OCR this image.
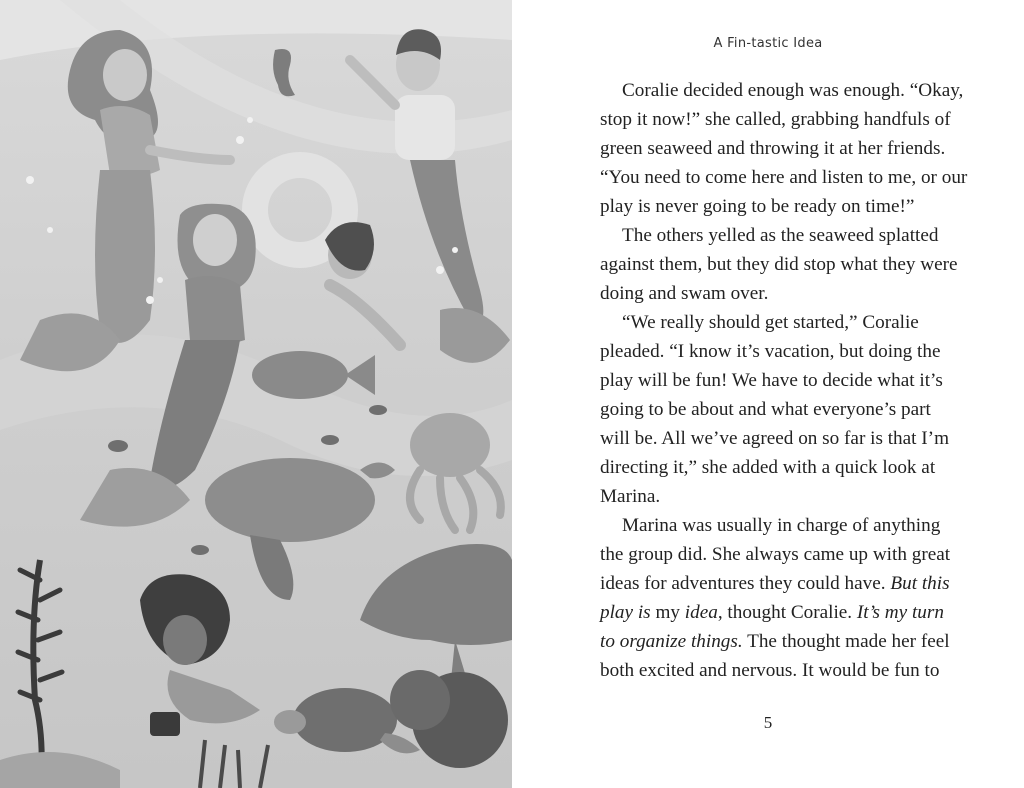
A Fin-tastic Idea
Coralie decided enough was enough. “Okay,
stop it now!” she called, grabbing handfuls of
green seaweed and throwing it at her friends.
“You need to come here and listen to me, or our
play is never going to be ready on time!”
The others yelled as the seaweed splatted
against them, but they did stop what they were
doing and swam over.
“We really should get started,” Coralie
pleaded. “I know it’s vacation, but doing the
play will be fun! We have to decide what it’s
going to be about and what everyone’s part
will be. All we’ve agreed on so far is that I’m
directing it,” she added with a quick look at
Marina.
Marina was usually in charge of anything
the group did. She always came up with great
ideas for adventures they could have. But this
play is my idea, thought Coralie. It’s my turn
to organize things. The thought made her feel
both excited and nervous. It would be fun to
5
